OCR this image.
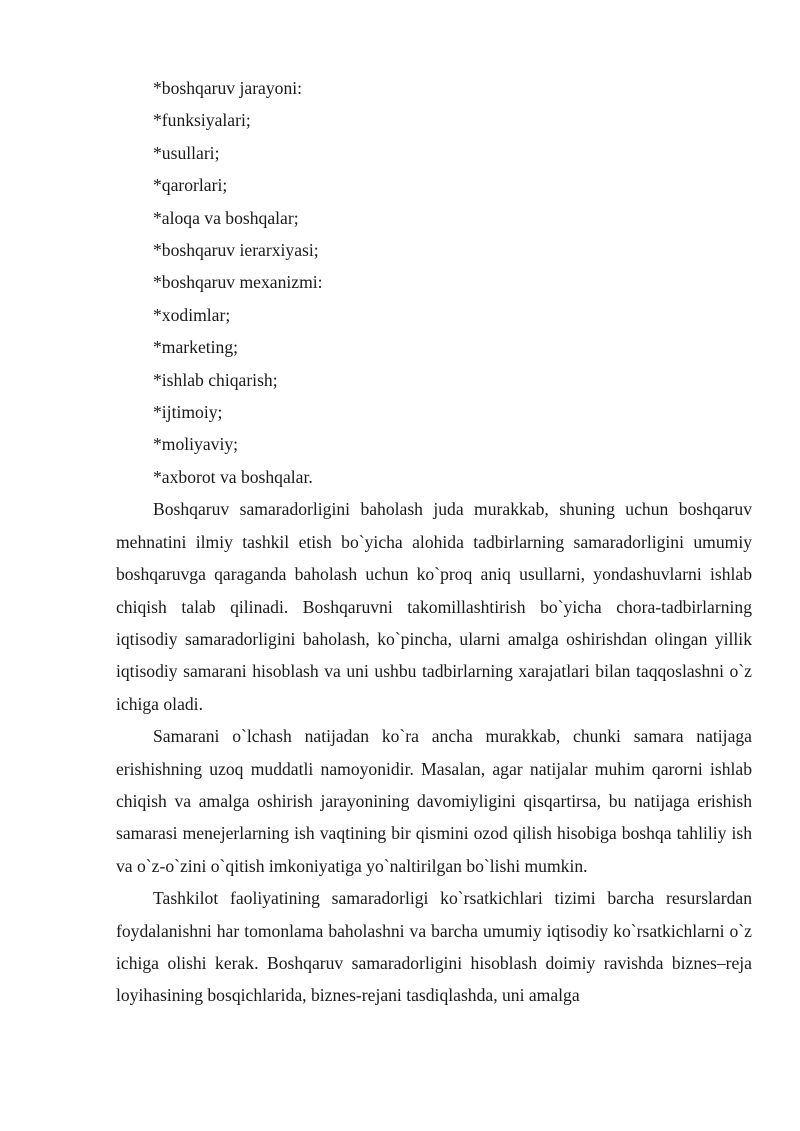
*boshqaruv jarayoni:

*funksiyalari;

*usullari;

*qarorlari;

*aloqa va boshqalar;

*boshqaruv ierarxiyasi;

*boshqaruv mexanizmi:

*xodimlar;

*marketing;

*ishlab chiqarish;

*ijtimoiy;

*moliyaviy;

*axborot va boshqalar.

Boshqaruv samaradorligini baholash juda murakkab, shuning uchun boshqaruv mehnatini ilmiy tashkil etish bo`yicha alohida tadbirlarning samaradorligini umumiy boshqaruvga qaraganda baholash uchun ko`proq aniq usullarni, yondashuvlarni ishlab chiqish talab qilinadi. Boshqaruvni takomillashtirish bo`yicha chora-tadbirlarning iqtisodiy samaradorligini baholash, ko`pincha, ularni amalga oshirishdan olingan yillik iqtisodiy samarani hisoblash va uni ushbu tadbirlarning xarajatlari bilan taqqoslashni o`z ichiga oladi.

Samarani o`lchash natijadan ko`ra ancha murakkab, chunki samara natijaga erishishning uzoq muddatli namoyonidir. Masalan, agar natijalar muhim qarorni ishlab chiqish va amalga oshirish jarayonining davomiyligini qisqartirsa, bu natijaga erishish samarasi menejerlarning ish vaqtining bir qismini ozod qilish hisobiga boshqa tahliliy ish va o`z-o`zini o`qitish imkoniyatiga yo`naltirilgan bo`lishi mumkin.

Tashkilot faoliyatining samaradorligi ko`rsatkichlari tizimi barcha resurslardan foydalanishni har tomonlama baholashni va barcha umumiy iqtisodiy ko`rsatkichlarni o`z ichiga olishi kerak. Boshqaruv samaradorligini hisoblash doimiy ravishda biznes–reja loyihasining bosqichlarida, biznes-rejani tasdiqlashda, uni amalga
